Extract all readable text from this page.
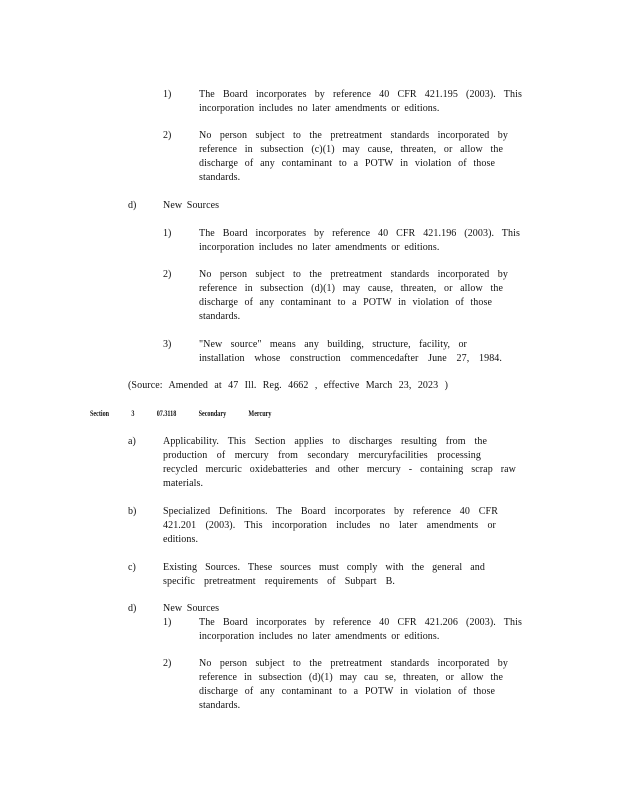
1)	The Board incorporates by reference 40 CFR 421.195 (2003). This
incorporation includes no later amendments or editions.
2)	No person subject to the pretreatment standards incorporated by
reference in subsection (c)(1) may cause, threaten, or allow the
discharge of any contaminant to a POTW in violation of those
standards.
d)	New Sources
1)	The Board incorporates by reference 40 CFR 421.196 (2003). This
incorporation includes no later amendments or editions.
2)	No person subject to the pretreatment standards incorporated by
reference in subsection (d)(1) may cause, threaten, or allow the
discharge of any contaminant to a POTW in violation of those
standards.
3)	"New source" means any building, structure, facility, or
installation whose construction commencedafter June 27, 1984.
(Source: Amended at 47 Ill. Reg. 4662 , effective March 23, 2023 )
Section 3 07.3118 Secondary Mercury
a)	Applicability. This Section applies to discharges resulting from the
production of mercury from secondary mercuryfacilities processing
recycled mercuric oxidebatteries and other mercury - containing scrap raw
materials.
b)	Specialized Definitions. The Board incorporates by reference 40 CFR
421.201 (2003). This incorporation includes no later amendments or
editions.
c)	Existing Sources. These sources must comply with the general and
specific pretreatment requirements of Subpart B.
d)	New Sources
1)	The Board incorporates by reference 40 CFR 421.206 (2003). This
incorporation includes no later amendments or editions.
2)	No person subject to the pretreatment standards incorporated by
reference in subsection (d)(1) may cau se, threaten, or allow the
discharge of any contaminant to a POTW in violation of those
standards.
